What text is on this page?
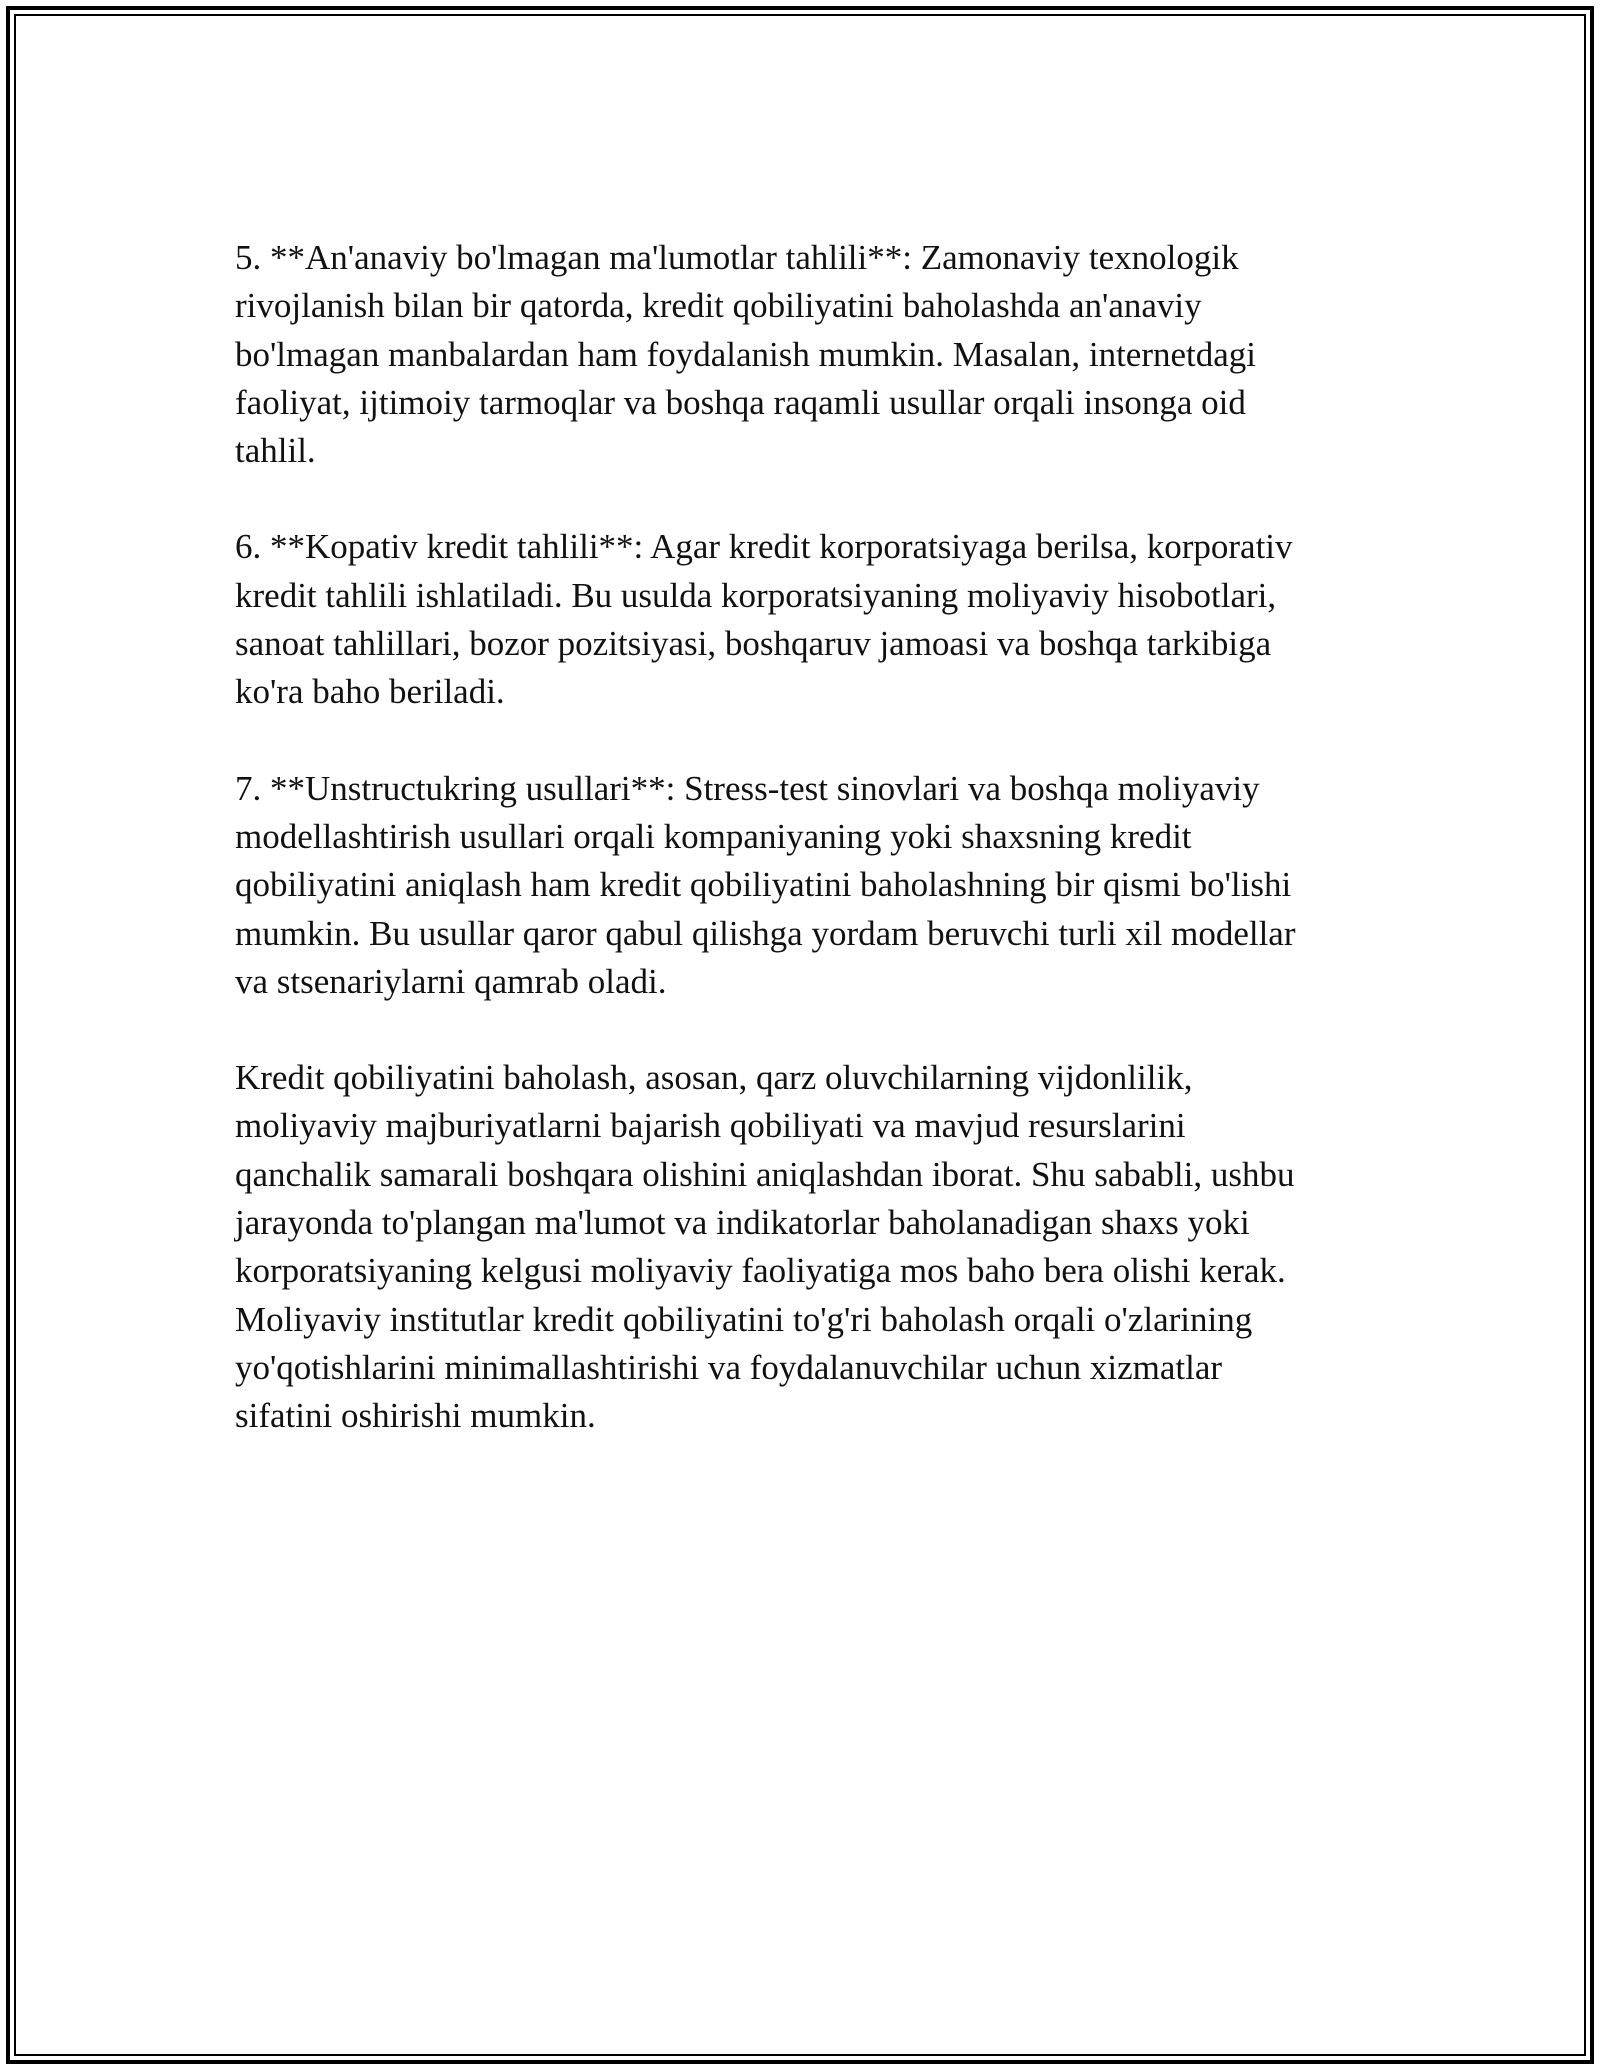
5. **An'anaviy bo'lmagan ma'lumotlar tahlili**: Zamonaviy texnologik
rivojlanish bilan bir qatorda, kredit qobiliyatini baholashda an'anaviy
bo'lmagan manbalardan ham foydalanish mumkin. Masalan, internetdagi
faoliyat, ijtimoiy tarmoqlar va boshqa raqamli usullar orqali insonga oid
tahlil.

6. **Kopativ kredit tahlili**: Agar kredit korporatsiyaga berilsa, korporativ
kredit tahlili ishlatiladi. Bu usulda korporatsiyaning moliyaviy hisobotlari,
sanoat tahlillari, bozor pozitsiyasi, boshqaruv jamoasi va boshqa tarkibiga
ko'ra baho beriladi.

7. **Unstructukring usullari**: Stress-test sinovlari va boshqa moliyaviy
modellashtirish usullari orqali kompaniyaning yoki shaxsning kredit
qobiliyatini aniqlash ham kredit qobiliyatini baholashning bir qismi bo'lishi
mumkin. Bu usullar qaror qabul qilishga yordam beruvchi turli xil modellar
va stsenariylarni qamrab oladi.

Kredit qobiliyatini baholash, asosan, qarz oluvchilarning vijdonlilik,
moliyaviy majburiyatlarni bajarish qobiliyati va mavjud resurslarini
qanchalik samarali boshqara olishini aniqlashdan iborat. Shu sababli, ushbu
jarayonda to'plangan ma'lumot va indikatorlar baholanadigan shaxs yoki
korporatsiyaning kelgusi moliyaviy faoliyatiga mos baho bera olishi kerak.
Moliyaviy institutlar kredit qobiliyatini to'g'ri baholash orqali o'zlarining
yo'qotishlarini minimallashtirishi va foydalanuvchilar uchun xizmatlar
sifatini oshirishi mumkin.
